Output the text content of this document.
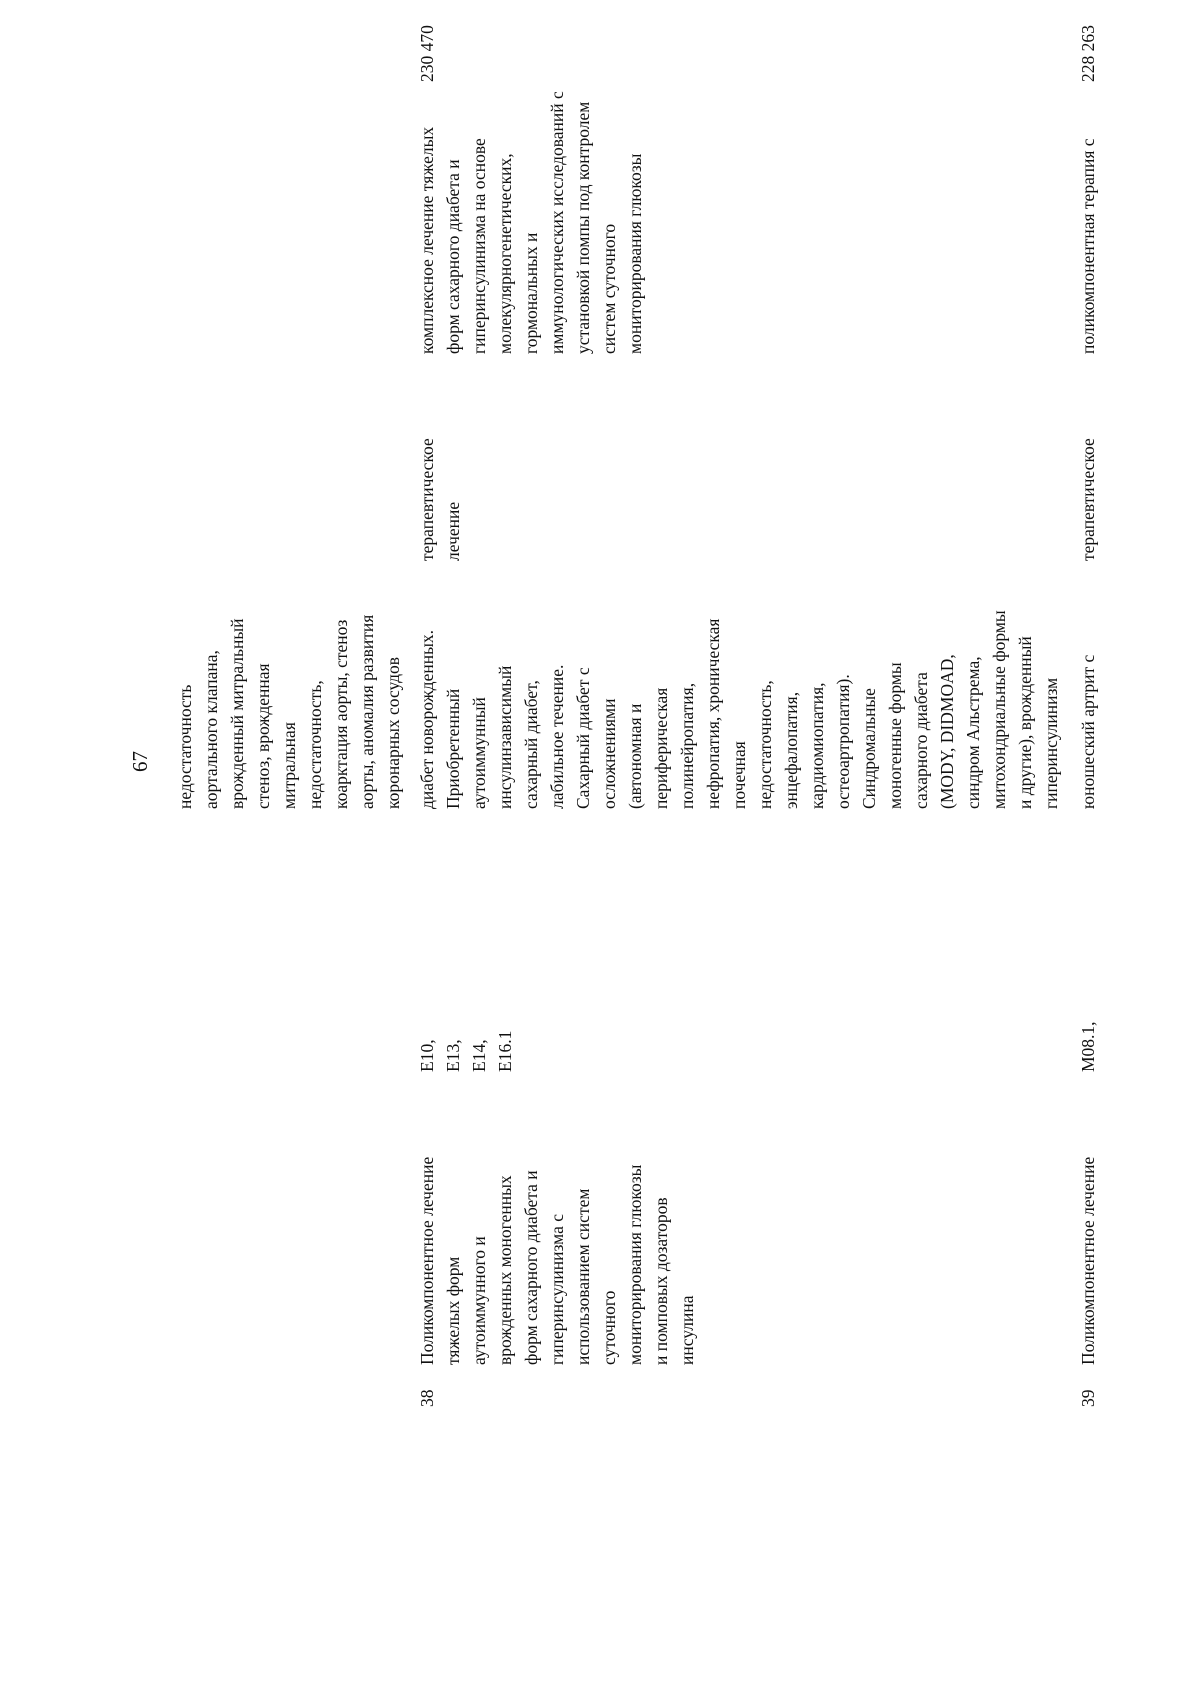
67 недостаточность
аортального клапана,
врожденный митральный
стеноз, врожденная
митральная
недостаточность,
коарктация аорты, стеноз
аорты, аномалия развития
коронарных сосудов
38
Поликомпонентное лечение
тяжелых форм
аутоиммунного и
врожденных моногенных
форм сахарного диабета и
гиперинсулинизма с
использованием систем
суточного
мониторирования глюкозы
и помповых дозаторов
инсулина
Е10,
Е13,
Е14,
Е16.1
диабет новорожденных.
Приобретенный
аутоиммунный
инсулинзависимый
сахарный диабет,
лабильное течение.
Сахарный диабет с
осложнениями
(автономная и
периферическая
полинейропатия,
нефропатия, хроническая
почечная
недостаточность,
энцефалопатия,
кардиомиопатия,
остеоартропатия).
Синдромальные
моногенные формы
сахарного диабета
(MODY, DIDMOAD,
синдром Альстрема,
митохондриальные формы
и другие), врожденный
гиперинсулинизм
терапевтическое
лечение
комплексное лечение тяжелых
форм сахарного диабета и
гиперинсулинизма на основе
молекулярногенетических,
гормональных и
иммунологических исследований с
установкой помпы под контролем
систем суточного
мониторирования глюкозы
230 470
39
Поликомпонентное лечение
М08.1,
юношеский артрит с
терапевтическое
поликомпонентная терапия с
228 263
